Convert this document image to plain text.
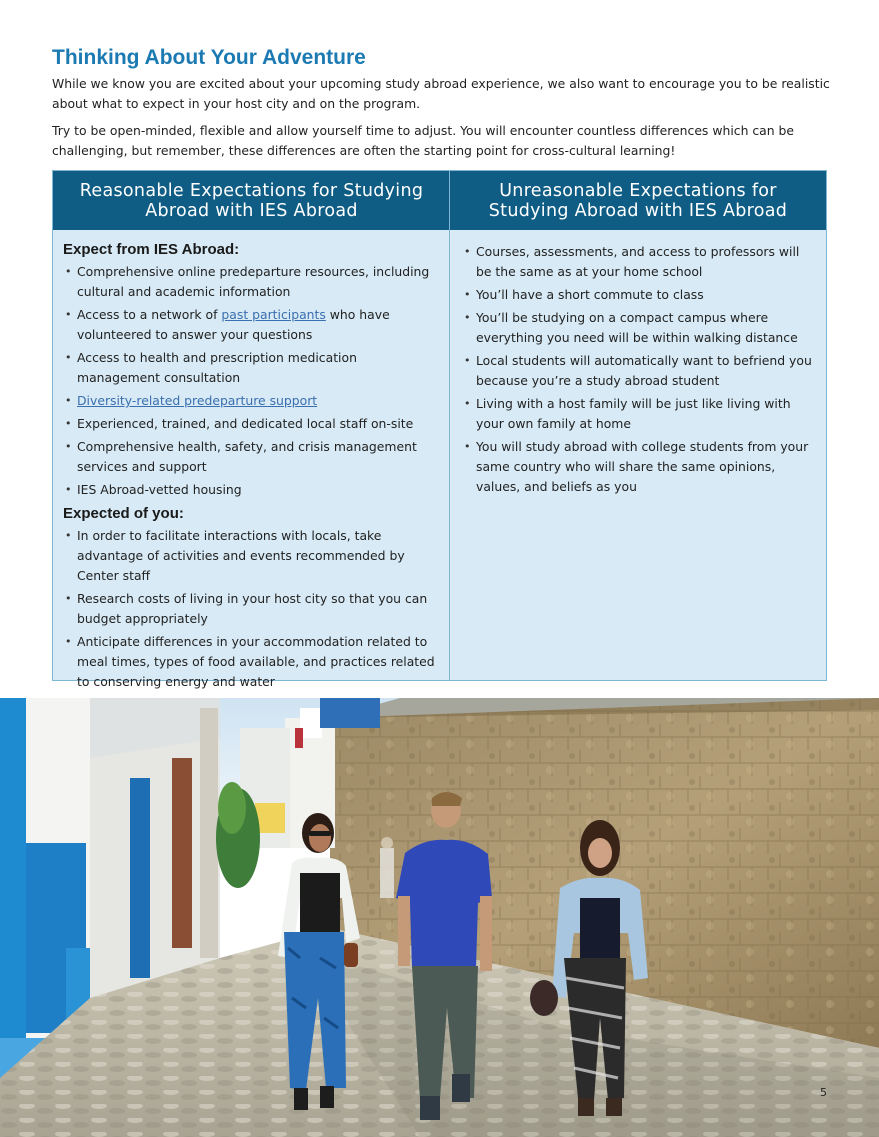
Thinking About Your Adventure

While we know you are excited about your upcoming study abroad experience, we also want to encourage you to be realistic about what to expect in your host city and on the program.

Try to be open-minded, flexible and allow yourself time to adjust. You will encounter countless differences which can be challenging, but remember, these differences are often the starting point for cross-cultural learning!

Reasonable Expectations for Studying Abroad with IES Abroad
Unreasonable Expectations for Studying Abroad with IES Abroad
Expect from IES Abroad:
• Comprehensive online predeparture resources, including cultural and academic information
• Access to a network of past participants who have volunteered to answer your questions
• Access to health and prescription medication management consultation
• Diversity-related predeparture support
• Experienced, trained, and dedicated local staff on-site
• Comprehensive health, safety, and crisis management services and support
• IES Abroad-vetted housing
Expected of you:
• In order to facilitate interactions with locals, take advantage of activities and events recommended by Center staff
• Research costs of living in your host city so that you can budget appropriately
• Anticipate differences in your accommodation related to meal times, types of food available, and practices related to conserving energy and water
• Courses, assessments, and access to professors will be the same as at your home school
• You’ll have a short commute to class
• You’ll be studying on a compact campus where everything you need will be within walking distance
• Local students will automatically want to befriend you because you’re a study abroad student
• Living with a host family will be just like living with your own family at home
• You will study abroad with college students from your same country who will share the same opinions, values, and beliefs as you
5
